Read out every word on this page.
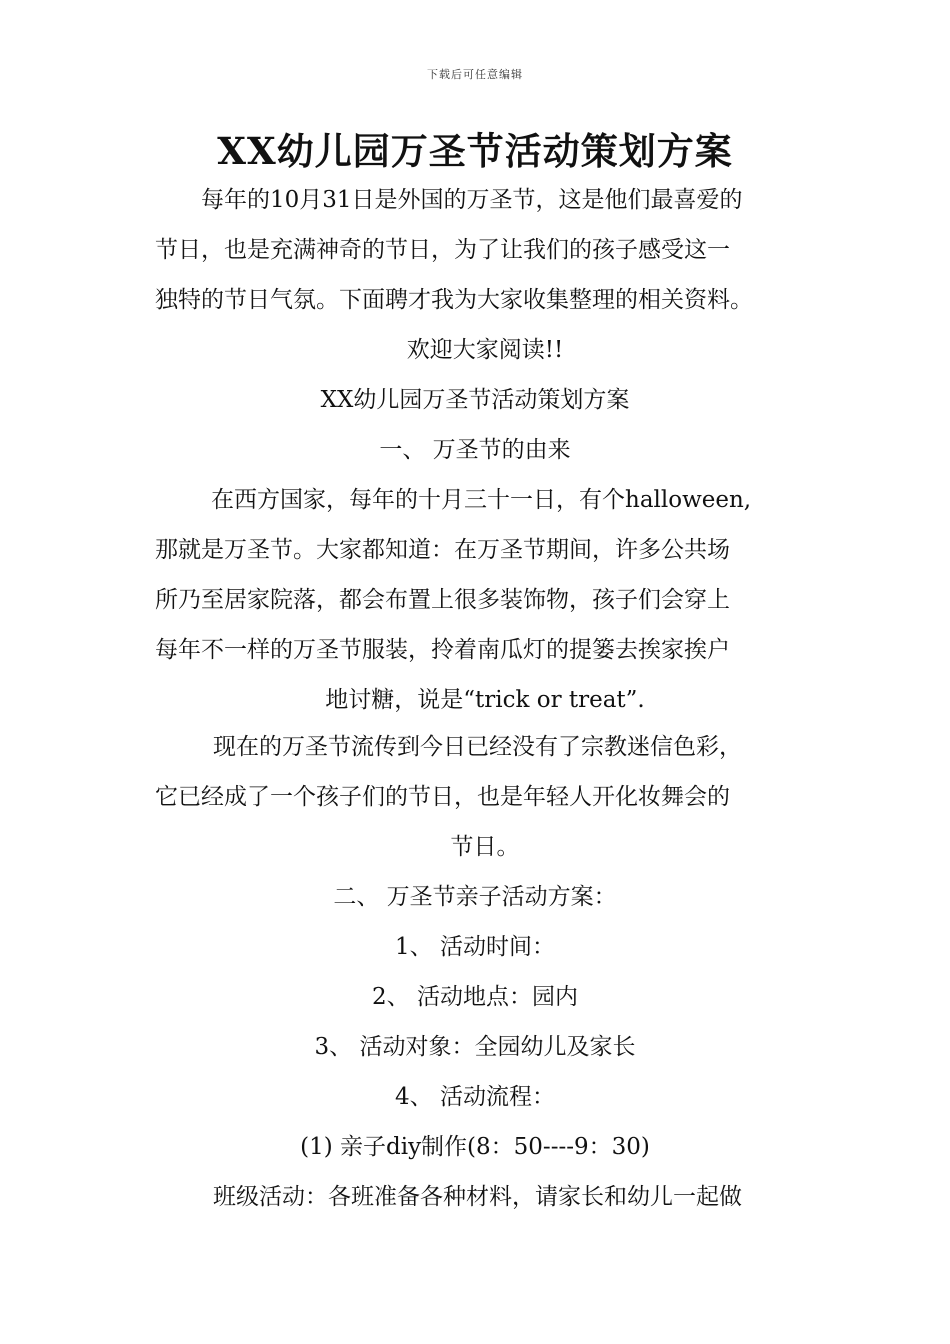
下载后可任意编辑
XX幼儿园万圣节活动策划方案
每年的10月31日是外国的万圣节，这是他们最喜爱的
节日，也是充满神奇的节日，为了让我们的孩子感受这一
独特的节日气氛。下面聘才我为大家收集整理的相关资料。
欢迎大家阅读!!
XX幼儿园万圣节活动策划方案
一、 万圣节的由来
在西方国家，每年的十月三十一日，有个halloween,
那就是万圣节。大家都知道：在万圣节期间，许多公共场
所乃至居家院落，都会布置上很多装饰物，孩子们会穿上
每年不一样的万圣节服装，拎着南瓜灯的提篓去挨家挨户
地讨糖，说是“trick or treat”.
现在的万圣节流传到今日已经没有了宗教迷信色彩，
它已经成了一个孩子们的节日，也是年轻人开化妆舞会的
节日。
二、 万圣节亲子活动方案：
1、 活动时间：
2、 活动地点：园内
3、 活动对象：全园幼儿及家长
4、 活动流程：
(1) 亲子diy制作(8：50----9：30)
班级活动：各班准备各种材料，请家长和幼儿一起做
